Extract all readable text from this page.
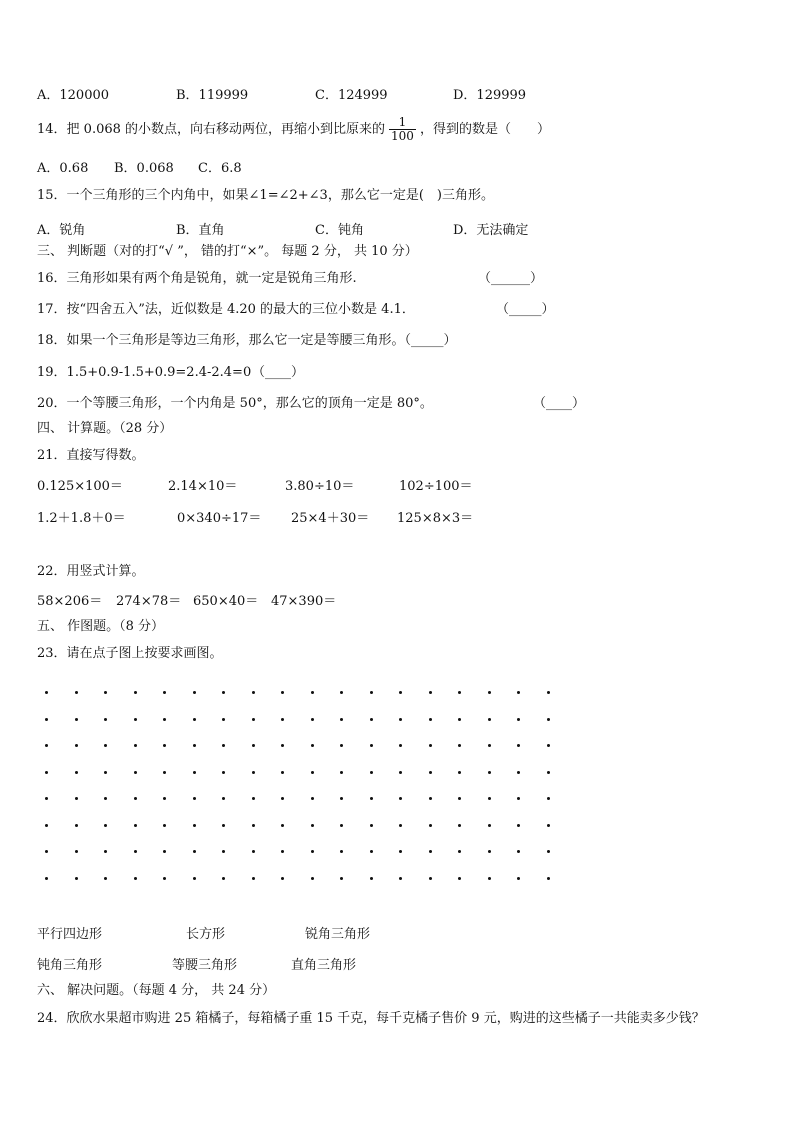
A．120000	B．119999	C．124999	D．129999
14．把 0.068 的小数点，向右移动两位，再缩小到比原来的 $\frac{1}{100}$ ，得到的数是（　　）
A．0.68 B．0.068 C．6.8
15．一个三角形的三个内角中，如果∠1=∠2+∠3，那么它一定是(　)三角形。
A．锐角	B．直角	C．钝角	D．无法确定
三、 判断题（对的打“√ ”， 错的打“×”。 每题 2 分， 共 10 分）
16．三角形如果有两个角是锐角，就一定是锐角三角形.	（______）
17．按“四舍五入”法，近似数是 4.20 的最大的三位小数是 4.1．	（_____）
18．如果一个三角形是等边三角形，那么它一定是等腰三角形。（_____）
19．1.5+0.9-1.5+0.9=2.4-2.4=0 （____）
20．一个等腰三角形，一个内角是 50°，那么它的顶角一定是 80°。	（____）
四、 计算题。（28 分）
21．直接写得数。
0.125×100＝	2.14×10＝	3.80÷10＝	102÷100＝
1.2＋1.8＋0＝	0×340÷17＝ 25×4＋30＝ 125×8×3＝
22．用竖式计算。
58×206＝ 274×78＝ 650×40＝ 47×390＝
五、 作图题。（8 分）
23．请在点子图上按要求画图。
平行四边形	长方形	锐角三角形
钝角三角形	等腰三角形	直角三角形
六、 解决问题。（每题 4 分， 共 24 分）
24．欣欣水果超市购进 25 箱橘子，每箱橘子重 15 千克，每千克橘子售价 9 元，购进的这些橘子一共能卖多少钱？
